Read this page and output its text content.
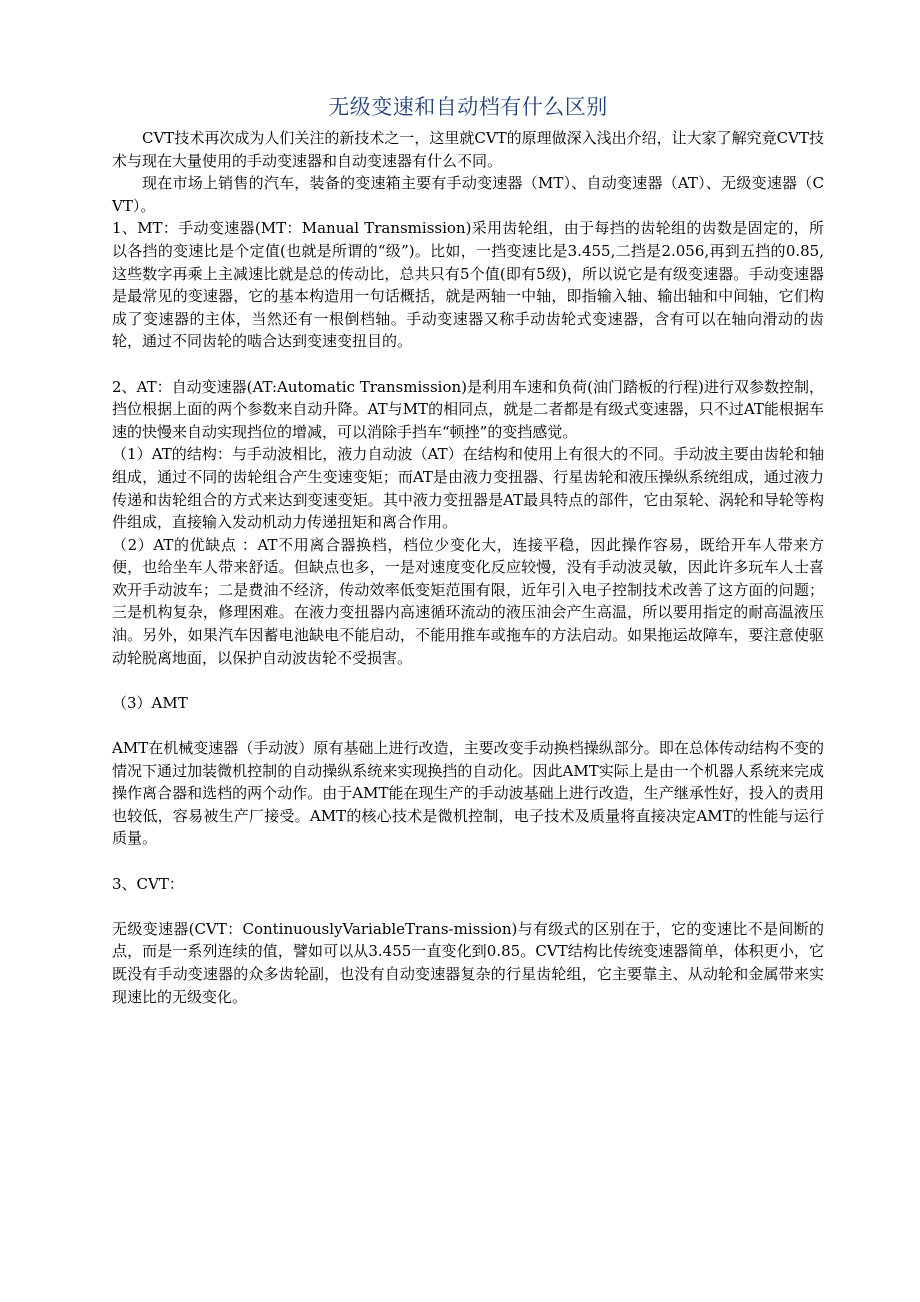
无级变速和自动档有什么区别

CVT技术再次成为人们关注的新技术之一，这里就CVT的原理做深入浅出介绍，让大家了解究竟CVT技术与现在大量使用的手动变速器和自动变速器有什么不同。

现在市场上销售的汽车，装备的变速箱主要有手动变速器（MT）、自动变速器（AT）、无级变速器（CVT）。

1、MT：手动变速器(MT：Manual Transmission)采用齿轮组，由于每挡的齿轮组的齿数是固定的，所以各挡的变速比是个定值(也就是所谓的“级”)。比如，一挡变速比是3.455,二挡是2.056,再到五挡的0.85,这些数字再乘上主减速比就是总的传动比，总共只有5个值(即有5级)，所以说它是有级变速器。手动变速器是最常见的变速器，它的基本构造用一句话概括，就是两轴一中轴，即指输入轴、输出轴和中间轴，它们构成了变速器的主体，当然还有一根倒档轴。手动变速器又称手动齿轮式变速器，含有可以在轴向滑动的齿轮，通过不同齿轮的啮合达到变速变扭目的。

2、AT：自动变速器(AT:Automatic Transmission)是利用车速和负荷(油门踏板的行程)进行双参数控制，挡位根据上面的两个参数来自动升降。AT与MT的相同点，就是二者都是有级式变速器，只不过AT能根据车速的快慢来自动实现挡位的增减，可以消除手挡车“顿挫”的变挡感觉。

（1）AT的结构：与手动波相比，液力自动波（AT）在结构和使用上有很大的不同。手动波主要由齿轮和轴组成，通过不同的齿轮组合产生变速变矩；而AT是由液力变扭器、行星齿轮和液压操纵系统组成，通过液力传递和齿轮组合的方式来达到变速变矩。其中液力变扭器是AT最具特点的部件，它由泵轮、涡轮和导轮等构件组成，直接输入发动机动力传递扭矩和离合作用。

（2）AT的优缺点 ：AT不用离合器换档，档位少变化大，连接平稳，因此操作容易，既给开车人带来方便，也给坐车人带来舒适。但缺点也多，一是对速度变化反应较慢，没有手动波灵敏，因此许多玩车人士喜欢开手动波车；二是费油不经济，传动效率低变矩范围有限，近年引入电子控制技术改善了这方面的问题；三是机构复杂，修理困难。在液力变扭器内高速循环流动的液压油会产生高温，所以要用指定的耐高温液压油。另外，如果汽车因蓄电池缺电不能启动，不能用推车或拖车的方法启动。如果拖运故障车，要注意使驱动轮脱离地面，以保护自动波齿轮不受损害。

（3）AMT

AMT在机械变速器（手动波）原有基础上进行改造，主要改变手动换档操纵部分。即在总体传动结构不变的情况下通过加装微机控制的自动操纵系统来实现换挡的自动化。因此AMT实际上是由一个机器人系统来完成操作离合器和选档的两个动作。由于AMT能在现生产的手动波基础上进行改造，生产继承性好，投入的责用也较低，容易被生产厂接受。AMT的核心技术是微机控制，电子技术及质量将直接决定AMT的性能与运行质量。

3、CVT：

无级变速器(CVT：ContinuouslyVariableTrans-mission)与有级式的区别在于，它的变速比不是间断的点，而是一系列连续的值，譬如可以从3.455一直变化到0.85。CVT结构比传统变速器简单，体积更小，它既没有手动变速器的众多齿轮副，也没有自动变速器复杂的行星齿轮组，它主要靠主、从动轮和金属带来实现速比的无级变化。
